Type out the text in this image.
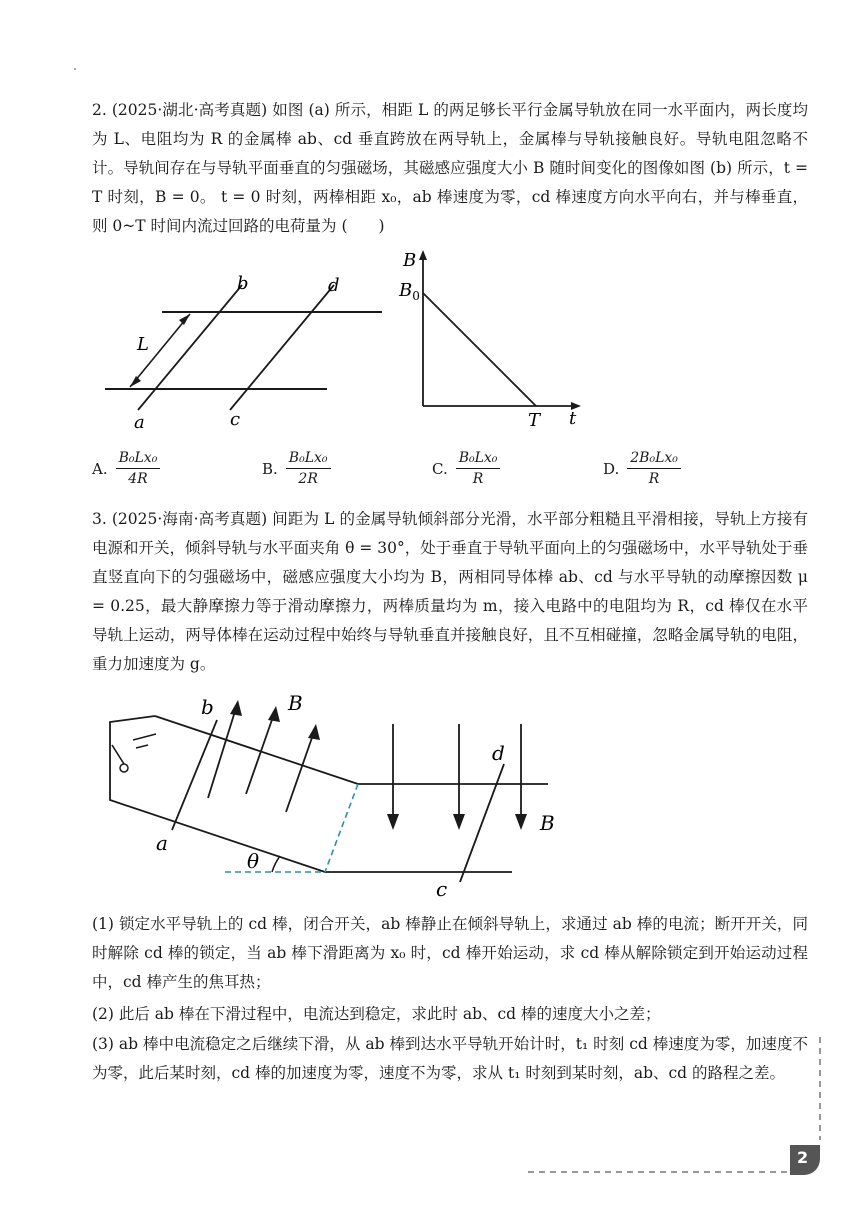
2. (2025·湖北·高考真题) 如图 (a) 所示，相距 L 的两足够长平行金属导轨放在同一水平面内，两长度均为 L、电阻均为 R 的金属棒 ab、cd 垂直跨放在两导轨上，金属棒与导轨接触良好。导轨电阻忽略不计。导轨间存在与导轨平面垂直的匀强磁场，其磁感应强度大小 B 随时间变化的图像如图 (b) 所示，t = T 时刻，B = 0。 t = 0 时刻，两棒相距 x₀，ab 棒速度为零，cd 棒速度方向水平向右，并与棒垂直，则 0~T 时间内流过回路的电荷量为 (　　)
b	d
L
a	c
B
$B_0$
T t
A. $\frac{\text{B₀Lx₀}}{4R}$	B. $\frac{\text{B₀Lx₀}}{2R}$	C. $\frac{\text{B₀Lx₀}}{R}$	D. $\frac{\text{2B₀Lx₀}}{R}$
3. (2025·海南·高考真题) 间距为 L 的金属导轨倾斜部分光滑，水平部分粗糙且平滑相接，导轨上方接有电源和开关，倾斜导轨与水平面夹角 θ = 30°，处于垂直于导轨平面向上的匀强磁场中，水平导轨处于垂直竖直向下的匀强磁场中，磁感应强度大小均为 B，两相同导体棒 ab、cd 与水平导轨的动摩擦因数 μ = 0.25，最大静摩擦力等于滑动摩擦力，两棒质量均为 m，接入电路中的电阻均为 R，cd 棒仅在水平导轨上运动，两导体棒在运动过程中始终与导轨垂直并接触良好，且不互相碰撞，忽略金属导轨的电阻，重力加速度为 g。
b	B
d
B
a
θ
c
(1) 锁定水平导轨上的 cd 棒，闭合开关，ab 棒静止在倾斜导轨上，求通过 ab 棒的电流；断开开关，同时解除 cd 棒的锁定，当 ab 棒下滑距离为 x₀ 时，cd 棒开始运动，求 cd 棒从解除锁定到开始运动过程中，cd 棒产生的焦耳热；
(2) 此后 ab 棒在下滑过程中，电流达到稳定，求此时 ab、cd 棒的速度大小之差；
(3) ab 棒中电流稳定之后继续下滑，从 ab 棒到达水平导轨开始计时，t₁ 时刻 cd 棒速度为零，加速度不为零，此后某时刻，cd 棒的加速度为零，速度不为零，求从 t₁ 时刻到某时刻，ab、cd 的路程之差。
2
